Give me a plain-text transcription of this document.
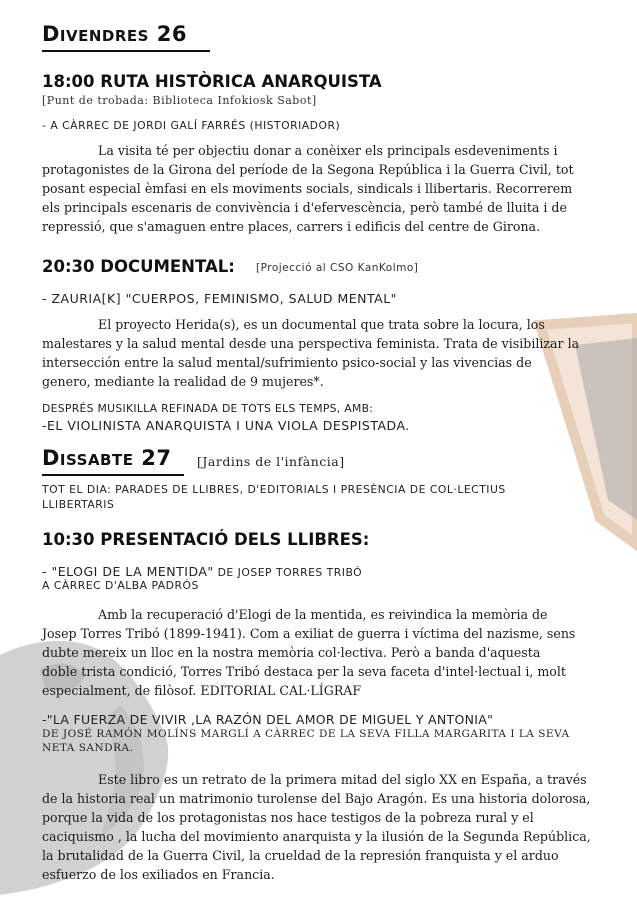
Divendres 26
18:00 RUTA HISTÒRICA ANARQUISTA
[Punt de trobada: Biblioteca Infokiosk Sabot]
- A CÀRREC DE JORDI GALÍ FARRÉS (HISTORIADOR)

La visita té per objectiu donar a conèixer els principals esdeveniments i protagonistes de la Girona del període de la Segona República i la Guerra Civil, tot posant especial èmfasi en els moviments socials, sindicals i llibertaris. Recorrerem els principals escenaris de convivència i d'efervescència, però també de lluita i de repressió, que s'amaguen entre places, carrers i edificis del centre de Girona.

20:30 DOCUMENTAL: [Projecció al CSO KanKolmo]
- ZAURIA[K] "CUERPOS, FEMINISMO, SALUD MENTAL"

El proyecto Herida(s), es un documental que trata sobre la locura, los malestares y la salud mental desde una perspectiva feminista. Trata de visibilizar la intersección entre la salud mental/sufrimiento psico-social y las vivencias de genero, mediante la realidad de 9 mujeres*.

DESPRÉS MUSIKILLA REFINADA DE TOTS ELS TEMPS, AMB:
-EL VIOLINISTA ANARQUISTA I UNA VIOLA DESPISTADA.
Dissabte 27 [Jardins de l'infància]

TOT EL DIA: PARADES DE LLIBRES, D'EDITORIALS I PRESÈNCIA DE COL·LECTIUS LLIBERTARIS

10:30 PRESENTACIÓ DELS LLIBRES:
- "ELOGI DE LA MENTIDA" DE JOSEP TORRES TRIBÓ
A CÀRREC D'ALBA PADRÓS

Amb la recuperació d'Elogi de la mentida, es reivindica la memòria de Josep Torres Tribó (1899-1941). Com a exiliat de guerra i víctima del nazisme, sens dubte mereix un lloc en la nostra memòria col·lectiva. Però a banda d'aquesta doble trista condició, Torres Tribó destaca per la seva faceta d'intel·lectual i, molt especialment, de filòsof. EDITORIAL CAL·LÍGRAF

-"LA FUERZA DE VIVIR ,LA RAZÓN DEL AMOR DE MIGUEL Y ANTONIA"

DE JOSÉ RAMÓN MOLÍNS MARGLÍ A CÀRREC DE LA SEVA FILLA MARGARITA I LA SEVA NETA SANDRA.

Este libro es un retrato de la primera mitad del siglo XX en España, a través de la historia real un matrimonio turolense del Bajo Aragón. Es una historia dolorosa, porque la vida de los protagonistas nos hace testigos de la pobreza rural y el caciquismo , la lucha del movimiento anarquista y la ilusión de la Segunda República, la brutalidad de la Guerra Civil, la crueldad de la represión franquista y el arduo esfuerzo de los exiliados en Francia.
